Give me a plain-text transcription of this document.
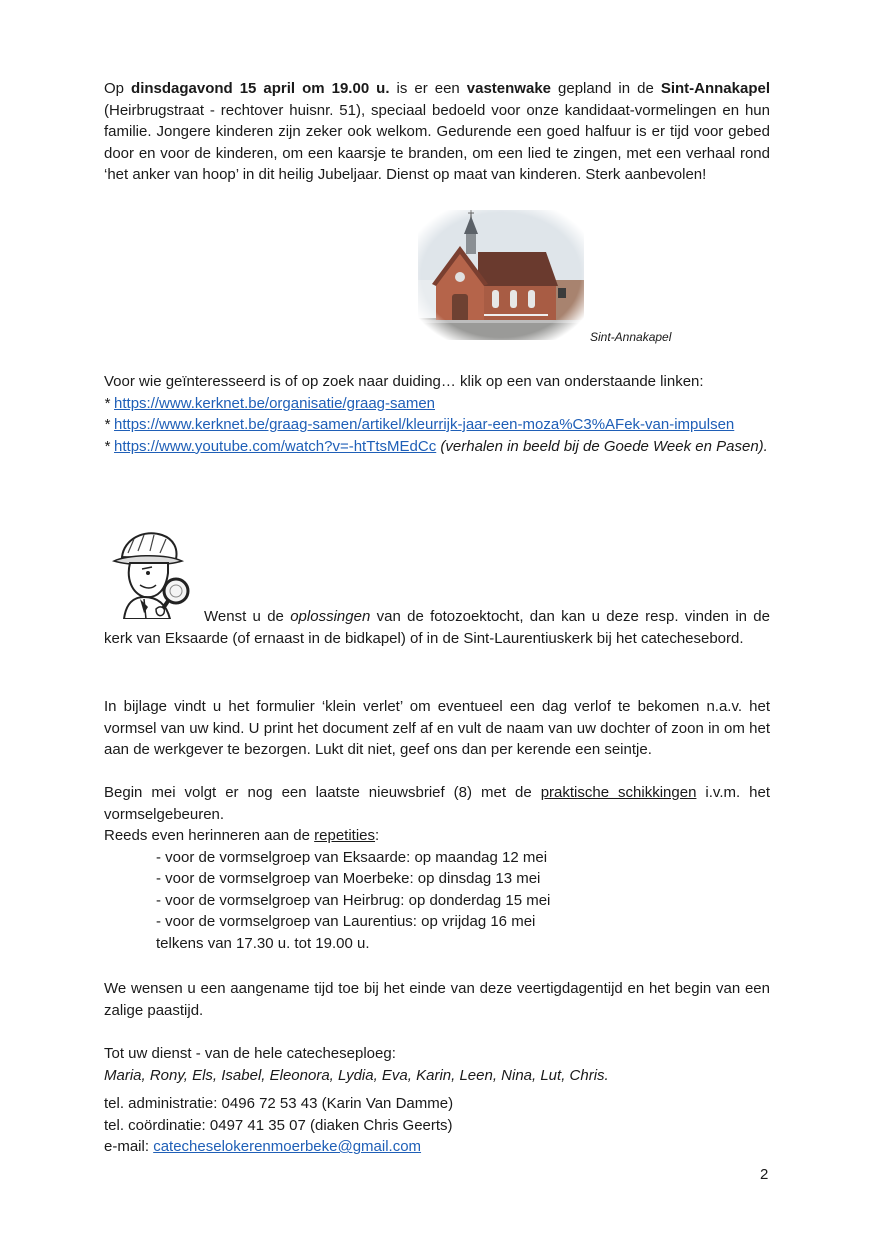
Op dinsdagavond 15 april om 19.00 u. is er een vastenwake gepland in de Sint-Annakapel (Heirbrugstraat - rechtover huisnr. 51), speciaal bedoeld voor onze kandidaat-vormelingen en hun familie. Jongere kinderen zijn zeker ook welkom. Gedurende een goed halfuur is er tijd voor gebed door en voor de kinderen, om een kaarsje te branden, om een lied te zingen, met een verhaal rond ‘het anker van hoop’ in dit heilig Jubeljaar. Dienst op maat van kinderen. Sterk aanbevolen!

Sint-Annakapel

Voor wie geïnteresseerd is of op zoek naar duiding… klik op een van onderstaande linken:
* https://www.kerknet.be/organisatie/graag-samen
* https://www.kerknet.be/graag-samen/artikel/kleurrijk-jaar-een-moza%C3%AFek-van-impulsen
* https://www.youtube.com/watch?v=-htTtsMEdCc (verhalen in beeld bij de Goede Week en Pasen).

Wenst u de oplossingen van de fotozoektocht, dan kan u deze resp. vinden in de kerk van Eksaarde (of ernaast in de bidkapel) of in de Sint-Laurentiuskerk bij het catechesebord.

In bijlage vindt u het formulier ‘klein verlet’ om eventueel een dag verlof te bekomen n.a.v. het vormsel van uw kind. U print het document zelf af en vult de naam van uw dochter of zoon in om het aan de werkgever te bezorgen. Lukt dit niet, geef ons dan per kerende een seintje.

Begin mei volgt er nog een laatste nieuwsbrief (8) met de praktische schikkingen i.v.m. het vormselgebeuren.

Reeds even herinneren aan de repetities:
- voor de vormselgroep van Eksaarde: op maandag 12 mei
- voor de vormselgroep van Moerbeke: op dinsdag 13 mei
- voor de vormselgroep van Heirbrug: op donderdag 15 mei
- voor de vormselgroep van Laurentius: op vrijdag 16 mei
telkens van 17.30 u. tot 19.00 u.

We wensen u een aangename tijd toe bij het einde van deze veertigdagentijd en het begin van een zalige paastijd.

Tot uw dienst - van de hele catecheseploeg:
Maria, Rony, Els, Isabel, Eleonora, Lydia, Eva, Karin, Leen, Nina, Lut, Chris.

tel. administratie: 0496 72 53 43 (Karin Van Damme)
tel. coördinatie: 0497 41 35 07 (diaken Chris Geerts)
e-mail: catecheselokerenmoerbeke@gmail.com

2
